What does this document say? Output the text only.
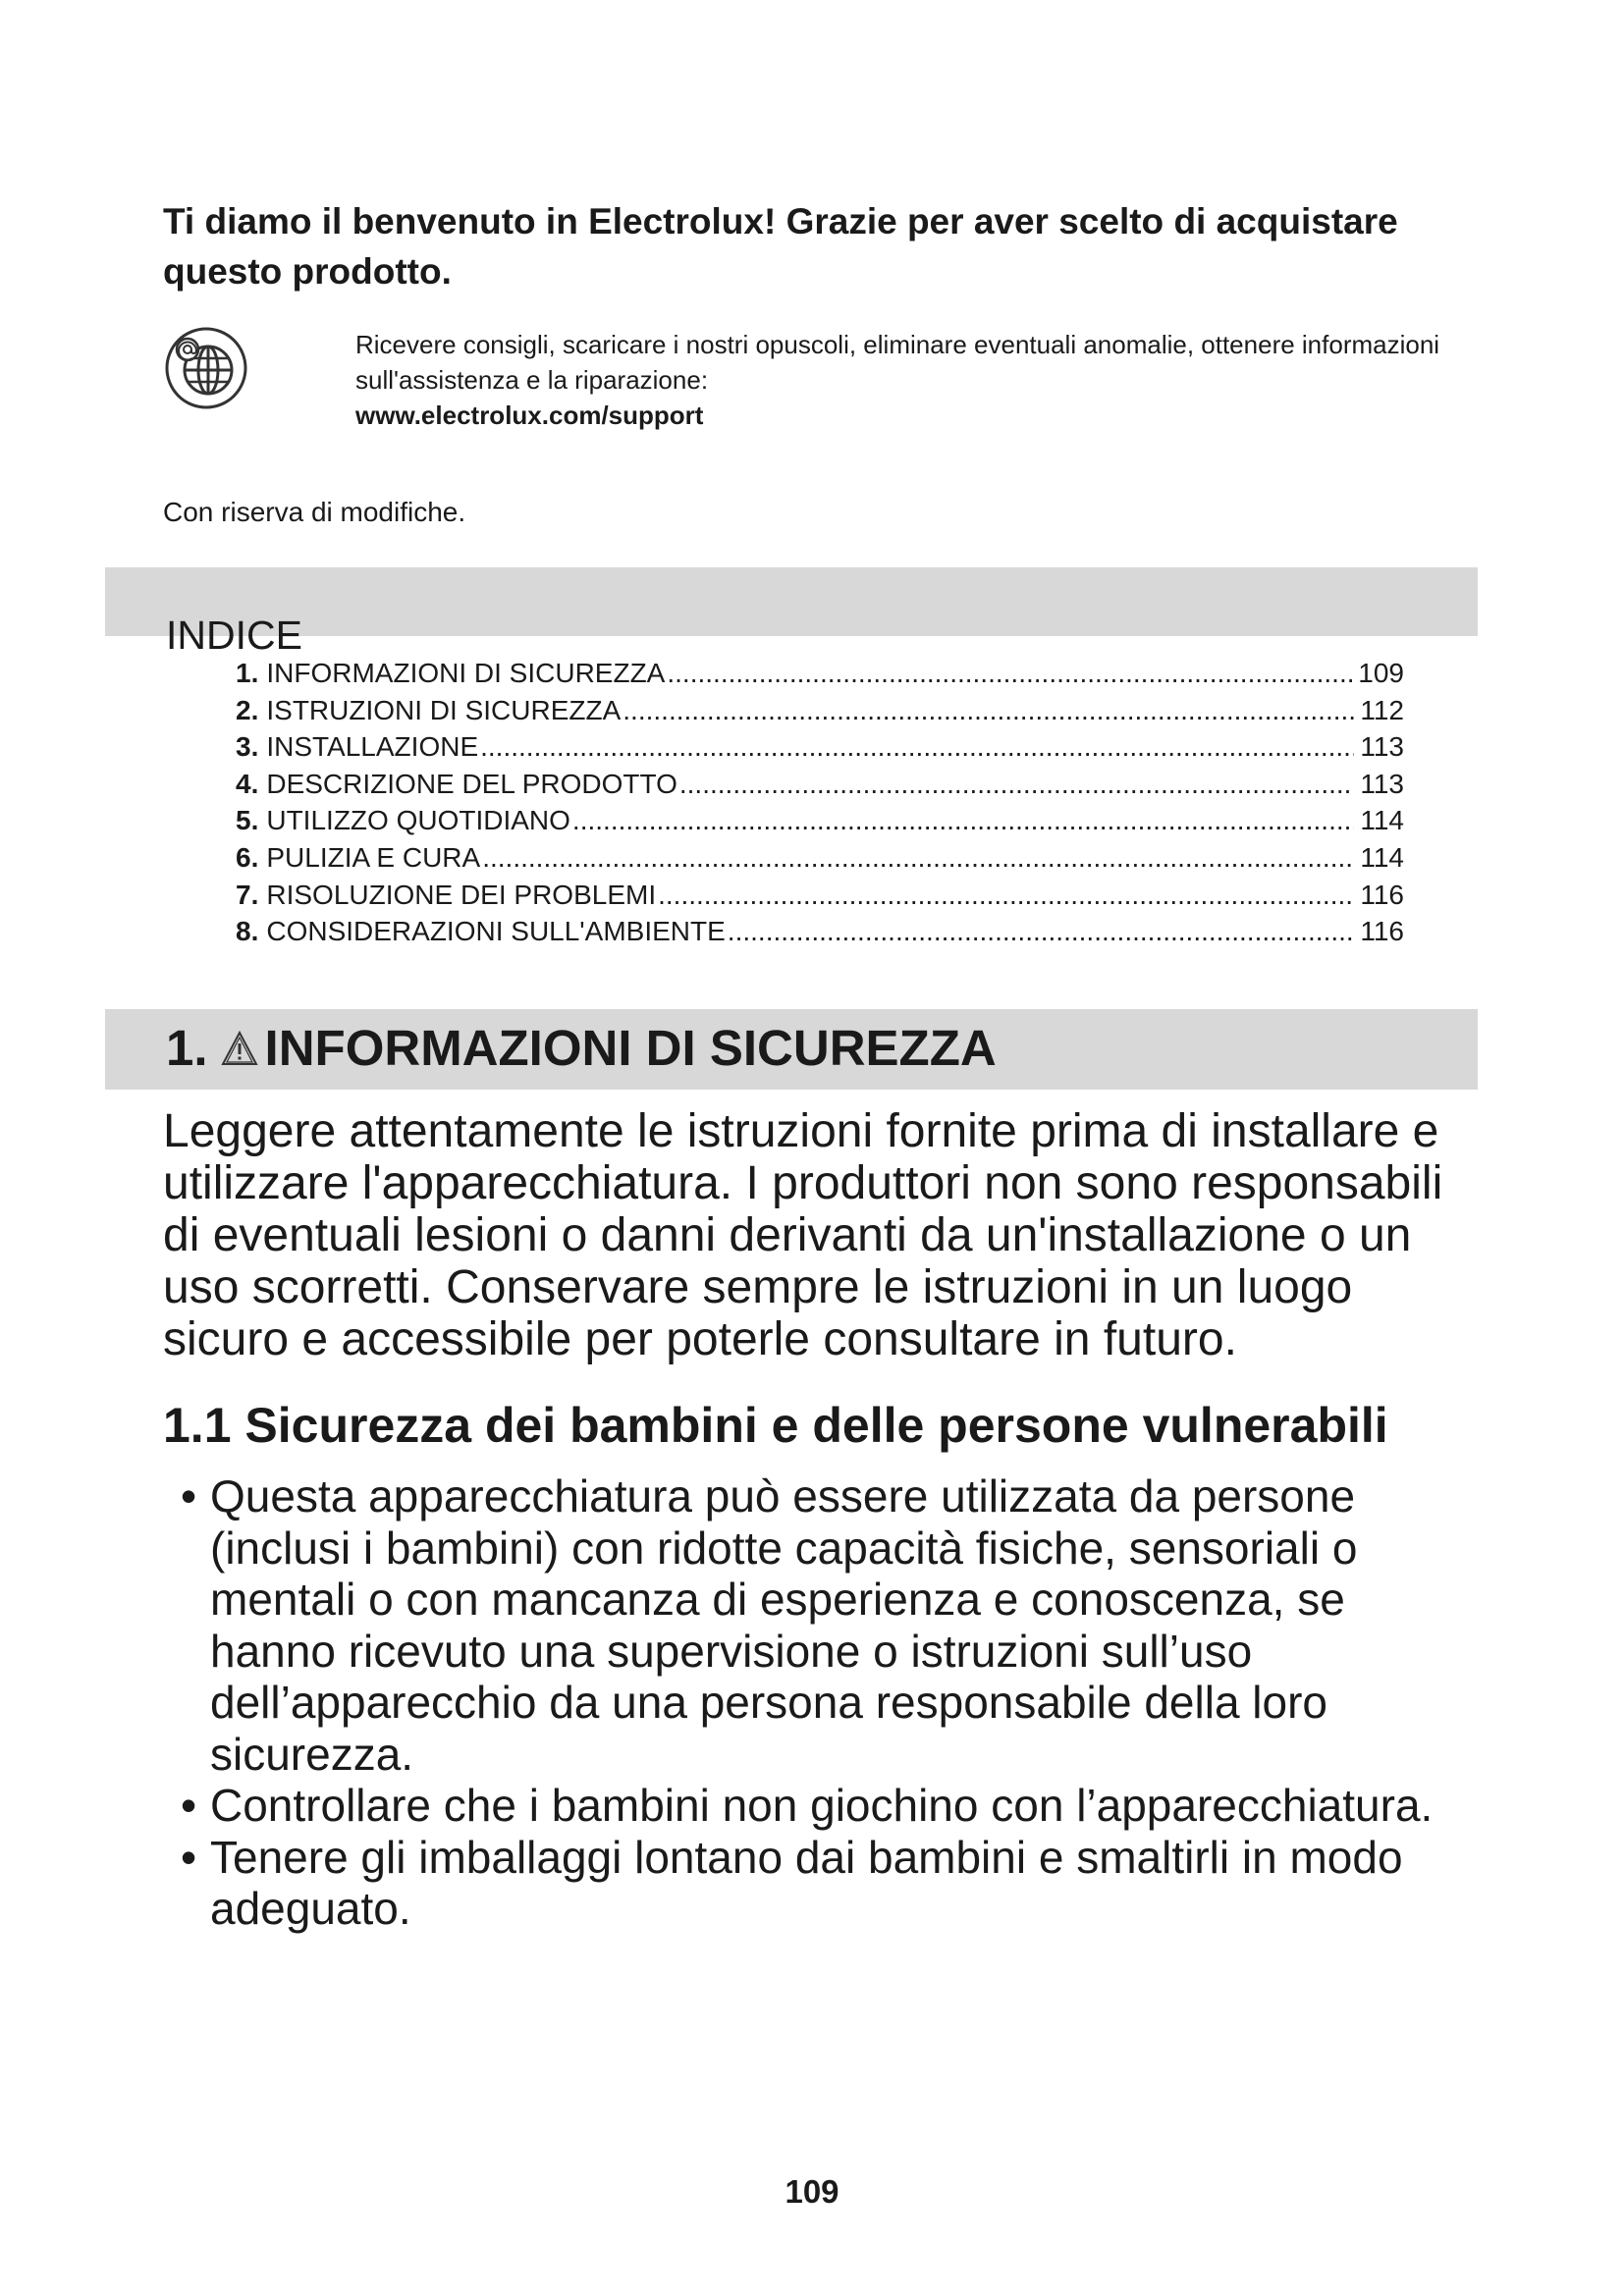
Ti diamo il benvenuto in Electrolux! Grazie per aver scelto di acquistare questo prodotto.
Ricevere consigli, scaricare i nostri opuscoli, eliminare eventuali anomalie, ottenere informazioni sull'assistenza e la riparazione:
www.electrolux.com/support
Con riserva di modifiche.
INDICE
1. INFORMAZIONI DI SICUREZZA .....	109
2. ISTRUZIONI DI SICUREZZA .....	112
3. INSTALLAZIONE .....	113
4. DESCRIZIONE DEL PRODOTTO .....	113
5. UTILIZZO QUOTIDIANO .....	114
6. PULIZIA E CURA .....	114
7. RISOLUZIONE DEI PROBLEMI .....	116
8. CONSIDERAZIONI SULL'AMBIENTE .....	116
1. INFORMAZIONI DI SICUREZZA

Leggere attentamente le istruzioni fornite prima di installare e utilizzare l'apparecchiatura. I produttori non sono responsabili di eventuali lesioni o danni derivanti da un'installazione o un uso scorretti. Conservare sempre le istruzioni in un luogo sicuro e accessibile per poterle consultare in futuro.

1.1 Sicurezza dei bambini e delle persone vulnerabili
• Questa apparecchiatura può essere utilizzata da persone (inclusi i bambini) con ridotte capacità fisiche, sensoriali o mentali o con mancanza di esperienza e conoscenza, se hanno ricevuto una supervisione o istruzioni sull’uso dell’apparecchio da una persona responsabile della loro sicurezza.
• Controllare che i bambini non giochino con l’apparecchiatura.
• Tenere gli imballaggi lontano dai bambini e smaltirli in modo adeguato.
109
